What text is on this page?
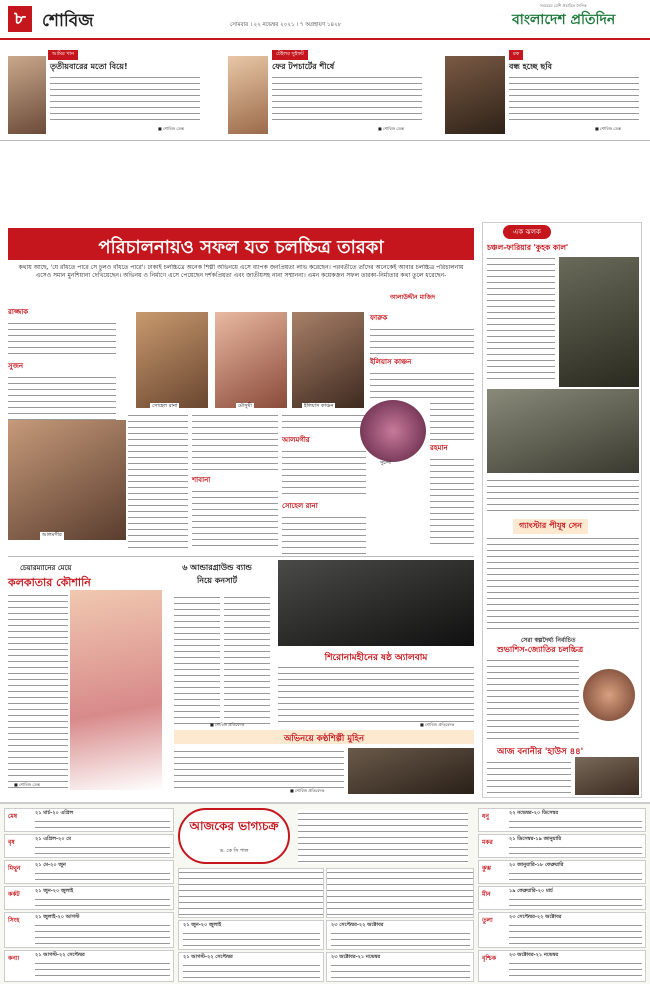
৮ শোবিজ	সোমবার । ২২ নভেম্বর ২০২১ । ৭ অগ্রহায়ণ ১৪২৮	বাংলাদেশ প্রতিদিন
সবচেয়ে বেশি প্রচারিত দৈনিক
আমির খান
তৃতীয়বারের মতো বিয়ে!
■ শোবিজ ডেস্ক
টেইলর সুইফট
ফের টপচার্টের শীর্ষে
■ শোবিজ ডেস্ক
রক
বন্ধ হচ্ছে ছবি
■ শোবিজ ডেস্ক
পরিচালনায়ও সফল যত চলচ্চিত্র তারকা
কথায় আছে, 'যে রাঁধতে পারে সে চুলও বাঁধতে পারে'। ঢাকাই চলচ্চিত্রে অনেক শিল্পী অভিনয়ে এসে ব্যাপক জনপ্রিয়তা লাভ করেছেন। পরবর্তীতে তাঁদের অনেকেই আবার চলচ্চিত্র পরিচালনায় এসেও সমান মুনশিয়ানা দেখিয়েছেন। অভিনয় ও নির্মাণে এসে পেয়েছেন দর্শকপ্রিয়তা এবং জাতীয়সহ নানা সম্মাননা। এমন কয়েকজন সফল তারকা-নির্মাতার কথা তুলে ধরেছেন-
আলাউদ্দীন মাজিদ
রাজ্জাক
সুজন
আলমগীর
সোহেল রানা	মৌসুমী	ইলিয়াস কাঞ্চন
শাবানা
আলমগীর
সোহেল রানা
ফারুক
ইলিয়াস কাঞ্চন
সুচন্দা
রহমান
এক ঝলক
চঞ্চল-ফারিয়ার 'কুহক কাল'
গ্যাংস্টার পীযূষ সেন
সেরা স্বল্পদৈর্ঘ্য নির্বাচিত
শুভাশিস-জ্যোতির চলচ্চিত্র
আজ বনানীর 'হাউস ৪৪'
চেয়ারম্যানের মেয়ে
কলকাতার কৌশানি
■ শোবিজ ডেস্ক
৬ আন্ডারগ্রাউন্ড ব্যান্ড নিয়ে কনসার্ট
■ শোবিজ প্রতিবেদক
শিরোনামহীনের ষষ্ঠ অ্যালবাম
■ শোবিজ প্রতিবেদক
অভিনয়ে কণ্ঠশিল্পী মুহিন
■ শোবিজ প্রতিবেদক
আজকের ভাগ্যচক্র
ড. কে সি পাল
মেষ	২১ মার্চ-২০ এপ্রিল
বৃষ	২১ এপ্রিল-২০ মে
মিথুন	২১ মে-২০ জুন
কর্কট	২১ জুন-২০ জুলাই
সিংহ	২১ জুলাই-২০ আগস্ট
কন্যা	২১ আগস্ট-২২ সেপ্টেম্বর
ধনু	২২ নভেম্বর-২০ ডিসেম্বর
মকর	২১ ডিসেম্বর-১৯ জানুয়ারি
কুম্ভ	২০ জানুয়ারি-১৮ ফেব্রুয়ারি
মীন	১৯ ফেব্রুয়ারি-২০ মার্চ
তুলা	২৩ সেপ্টেম্বর-২২ অক্টোবর
বৃশ্চিক	২৩ অক্টোবর-২১ নভেম্বর
২১ জুন-২০ জুলাই	২৩ সেপ্টেম্বর-২২ অক্টোবর
২১ আগস্ট-২২ সেপ্টেম্বর	২৩ অক্টোবর-২১ নভেম্বর
